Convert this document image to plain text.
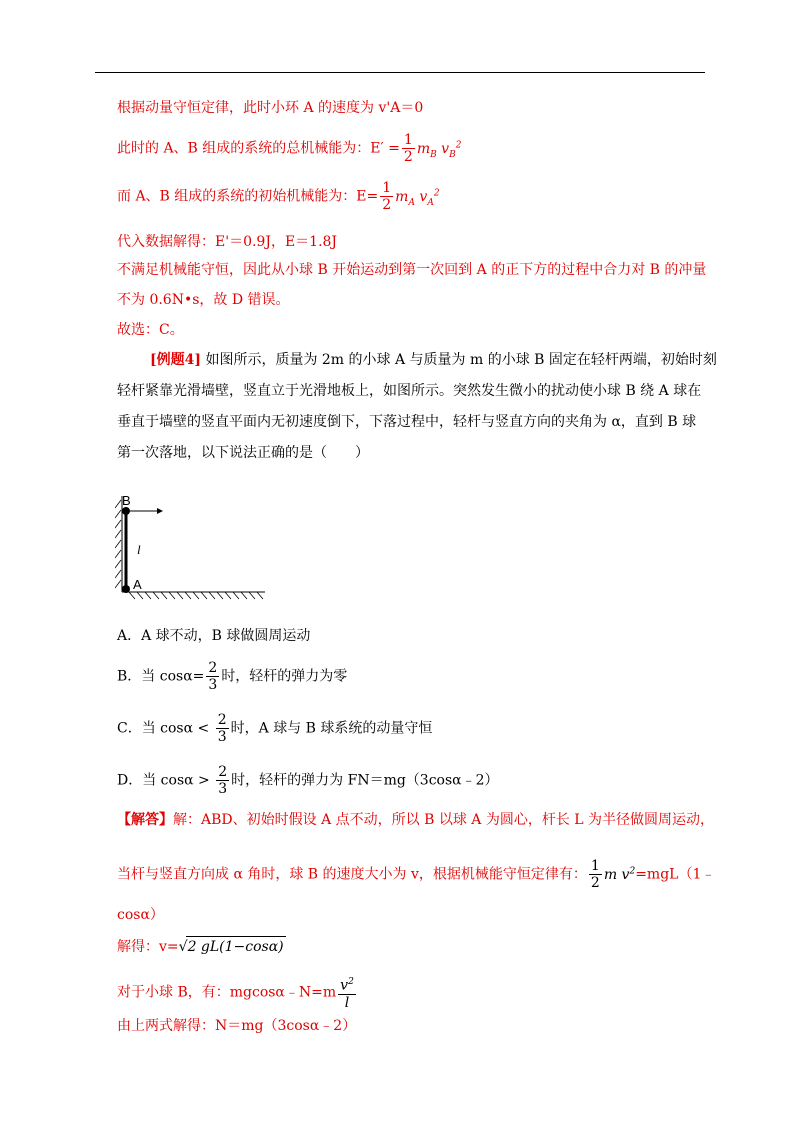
根据动量守恒定律，此时小环 A 的速度为 v'A＝0
此时的 A、B 组成的系统的总机械能为：$E' = \frac{1}{2} m_B$ $v_B^2$
而 A、B 组成的系统的初始机械能为：$E= \frac{1}{2} m_A$ $v_A^2$
代入数据解得：E'＝0.9J，E＝1.8J
不满足机械能守恒，因此从小球 B 开始运动到第一次回到 A 的正下方的过程中合力对 B 的冲量
不为 0.6N•s，故 D 错误。
故选：C。
[例题4] 如图所示，质量为 2m 的小球 A 与质量为 m 的小球 B 固定在轻杆两端，初始时刻
轻杆紧靠光滑墙壁，竖直立于光滑地板上，如图所示。突然发生微小的扰动使小球 B 绕 A 球在
垂直于墙壁的竖直平面内无初速度倒下，下落过程中，轻杆与竖直方向的夹角为 α，直到 B 球
第一次落地，以下说法正确的是（　　）
B
l
A
A．A 球不动，B 球做圆周运动
B．当 $\cos\alpha= \frac{2}{3}$ 时，轻杆的弹力为零
C．当 $\cos\alpha < \frac{2}{3}$ 时，A 球与 B 球系统的动量守恒
D．当 $\cos\alpha > \frac{2}{3}$ 时，轻杆的弹力为 FN＝mg（3cosα﹣2）
【解答】解：ABD、初始时假设 A 点不动，所以 B 以球 A 为圆心，杆长 L 为半径做圆周运动，
当杆与竖直方向成 α 角时，球 B 的速度大小为 v，根据机械能守恒定律有： $\frac{1}{2}$ m $v^2=mgL(1﹣$
cosα）
解得：v=√2 gL(1−cosα)
对于小球 B，有：mgcosα﹣N=m $\frac{v^2}{l}$
由上两式解得：N＝mg（3cosα﹣2）
